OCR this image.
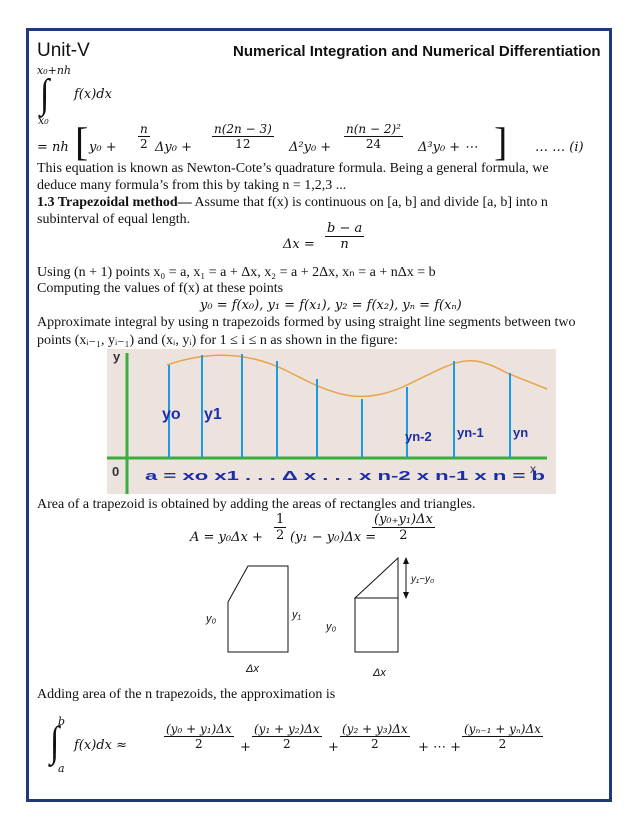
Unit-V	Numerical Integration and Numerical Differentiation
x₀+nh
∫ f(x)dx
x₀
= nh [ $y_0 + \frac{n}{2} \Delta y_0 + \frac{n(2n - 3)}{12} \Delta^2y_0 + \frac{\text{n(n − 2)²}}{24} \Delta^3y_0$ + ⋯ ] … … (i)
This equation is known as Newton-Cote’s quadrature formula. Being a general formula, we
deduce many formula’s from this by taking n = 1,2,3 ...
1.3 Trapezoidal method— Assume that f(x) is continuous on [a, b] and divide [a, b] into n
subinterval of equal length.
$\Delta x = \frac{b - a}{n}$
Using (n + 1) points x₀ = a, x₁ = a + Δx, x₂ = a + 2Δx, xₙ = a + nΔx = b
Computing the values of f(x) at these points
y₀ = f(x₀), y₁ = f(x₁), y₂ = f(x₂), yₙ = f(xₙ)
Approximate integral by using n trapezoids formed by using straight line segments between two
points (xᵢ₋₁, yᵢ₋₁) and (xᵢ, yᵢ) for 1 ≤ i ≤ n as shown in the figure:
y
0	x
yo y1
yn-2 yn-1 yn
a = xo x1 . . . Δ x . . . x n-2 x n-1 x n = b
Area of a trapezoid is obtained by adding the areas of rectangles and triangles.
$A = y_0\Delta x + \frac{1}{2} (y_1 - y_0)\Delta x$ =
$\frac{\text{(y₀₊y₁)Δx}}{2}$
y₀	y₁
Δx
y₀
y₁−y₀
Δx
Adding area of the n trapezoids, the approximation is
b
∫
a
f(x)dx ≈	$\frac{\text{(y₀ + y₁)Δx}}{2} + \frac{\text{(y₁ + y₂)Δx}}{2} + \frac{\text{(y₂ + y₃)Δx}}{2}$ + ⋯ + $\frac{\text{(yₙ₋₁ + yₙ)Δx}}{2}$
